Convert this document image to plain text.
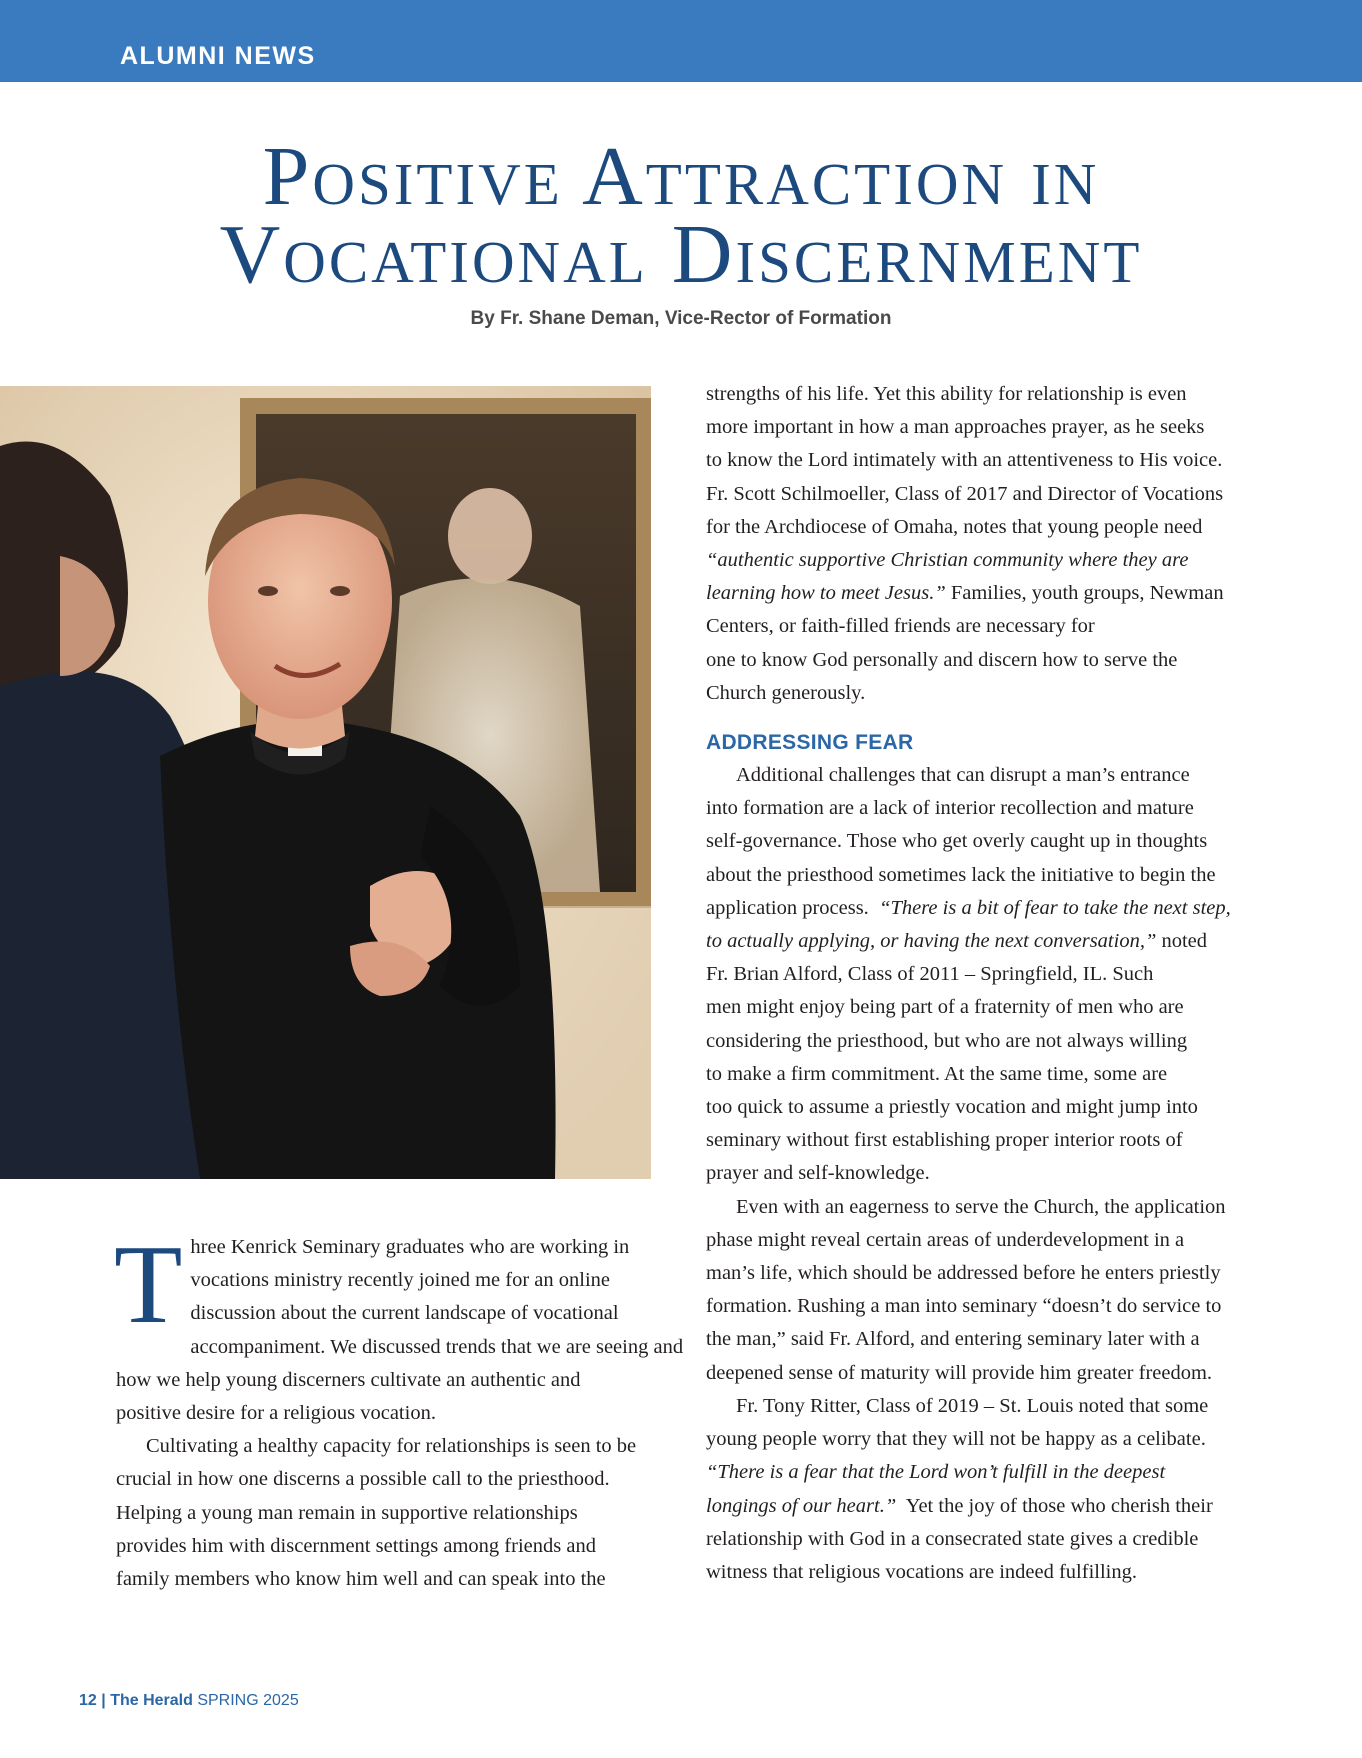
ALUMNI NEWS
Positive Attraction in
Vocational Discernment
By Fr. Shane Deman, Vice-Rector of Formation

T hree Kenrick Seminary graduates who are working in
vocations ministry recently joined me for an online
discussion about the current landscape of vocational
accompaniment. We discussed trends that we are seeing and
how we help young discerners cultivate an authentic and
positive desire for a religious vocation.

Cultivating a healthy capacity for relationships is seen to be
crucial in how one discerns a possible call to the priesthood.
Helping a young man remain in supportive relationships
provides him with discernment settings among friends and
family members who know him well and can speak into the

strengths of his life. Yet this ability for relationship is even
more important in how a man approaches prayer, as he seeks
to know the Lord intimately with an attentiveness to His voice.
Fr. Scott Schilmoeller, Class of 2017 and Director of Vocations
for the Archdiocese of Omaha, notes that young people need
“authentic supportive Christian community where they are
learning how to meet Jesus.” Families, youth groups, Newman
Centers, or faith-filled friends are necessary for
one to know God personally and discern how to serve the
Church generously.

ADDRESSING FEAR

Additional challenges that can disrupt a man’s entrance
into formation are a lack of interior recollection and mature
self-governance. Those who get overly caught up in thoughts
about the priesthood sometimes lack the initiative to begin the
application process.  “There is a bit of fear to take the next step,
to actually applying, or having the next conversation,” noted
Fr. Brian Alford, Class of 2011 – Springfield, IL. Such
men might enjoy being part of a fraternity of men who are
considering the priesthood, but who are not always willing
to make a firm commitment. At the same time, some are
too quick to assume a priestly vocation and might jump into
seminary without first establishing proper interior roots of
prayer and self-knowledge.

Even with an eagerness to serve the Church, the application
phase might reveal certain areas of underdevelopment in a
man’s life, which should be addressed before he enters priestly
formation. Rushing a man into seminary “doesn’t do service to
the man,” said Fr. Alford, and entering seminary later with a
deepened sense of maturity will provide him greater freedom.

Fr. Tony Ritter, Class of 2019 – St. Louis noted that some
young people worry that they will not be happy as a celibate.
“There is a fear that the Lord won’t fulfill in the deepest
longings of our heart.”  Yet the joy of those who cherish their
relationship with God in a consecrated state gives a credible
witness that religious vocations are indeed fulfilling.

12 | The Herald SPRING 2025
